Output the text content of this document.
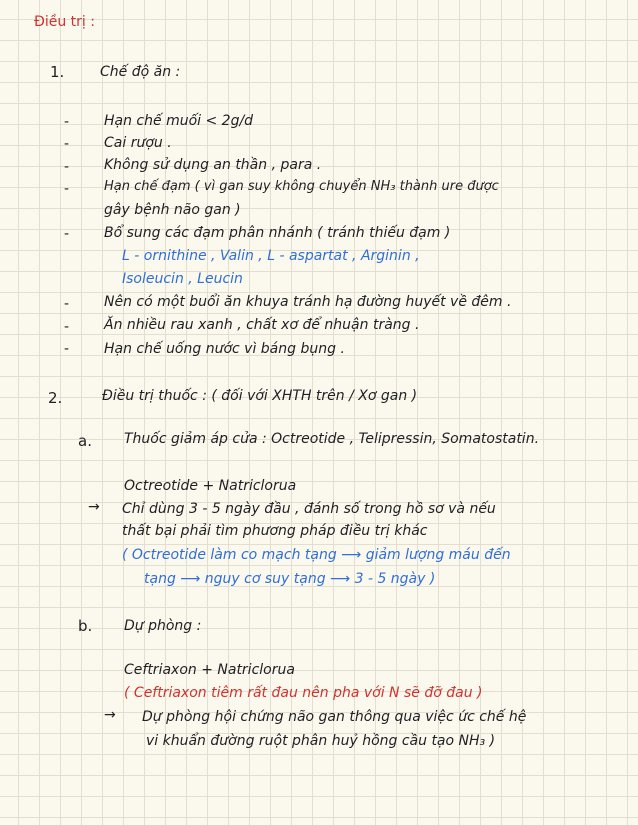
Điều trị :
1.	Chế độ ăn :
- Hạn chế muối < 2g/d
- Cai rượu .
- Không sử dụng an thần , para .
-	Hạn chế đạm ( vì gan suy không chuyển NH₃ thành ure được
gây bệnh não gan )
- Bổ sung các đạm phân nhánh ( tránh thiếu đạm )
L - ornithine , Valin , L - aspartat , Arginin ,
Isoleucin , Leucin
- Nên có một buổi ăn khuya tránh hạ đường huyết về đêm .
- Ăn nhiều rau xanh , chất xơ để nhuận tràng .
- Hạn chế uống nước vì báng bụng .
2.	Điều trị thuốc : ( đối với XHTH trên / Xơ gan )
a. Thuốc giảm áp cửa : Octreotide , Telipressin, Somatostatin.
Octreotide + Natriclorua
→ Chỉ dùng 3 - 5 ngày đầu , đánh số trong hồ sơ và nếu
thất bại phải tìm phương pháp điều trị khác
( Octreotide làm co mạch tạng ⟶ giảm lượng máu đến
tạng ⟶ nguy cơ suy tạng ⟶ 3 - 5 ngày )
b. Dự phòng :
Ceftriaxon + Natriclorua
( Ceftriaxon tiêm rất đau nên pha với N sẽ đỡ đau )
→ Dự phòng hội chứng não gan thông qua việc ức chế hệ
vi khuẩn đường ruột phân huỷ hồng cầu tạo NH₃ )
